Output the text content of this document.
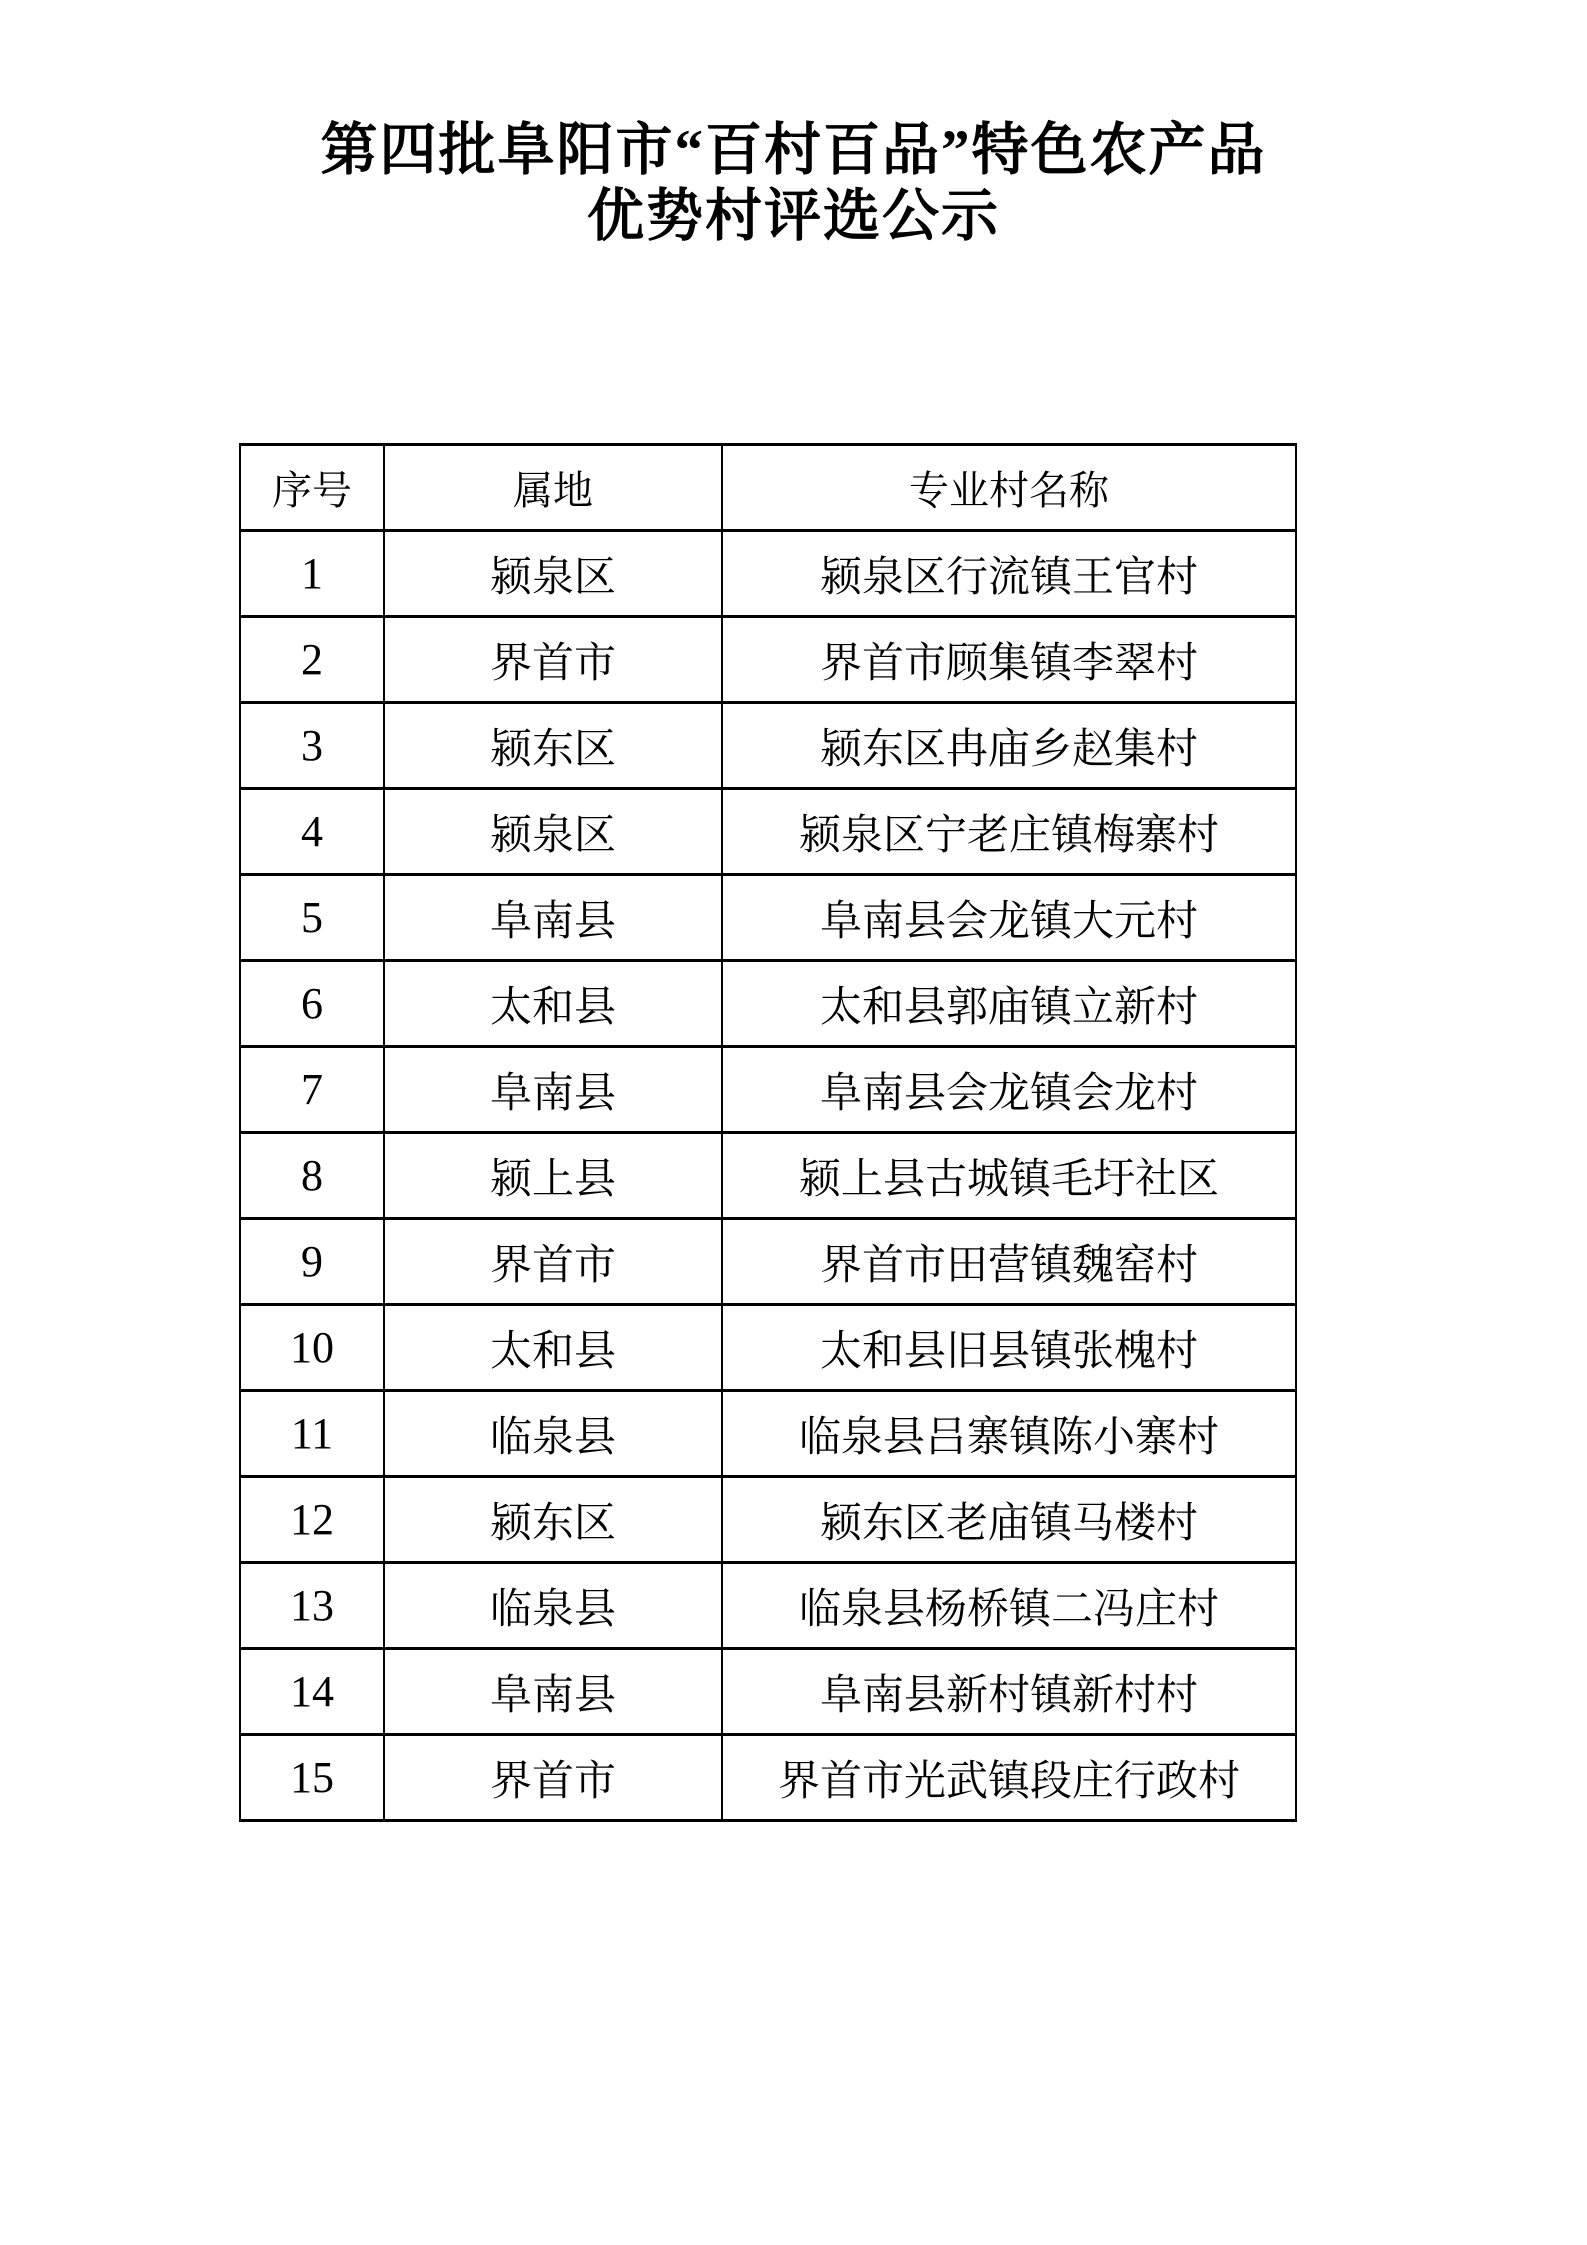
第四批阜阳市“百村百品”特色农产品
优势村评选公示
序号	属地	专业村名称
1	颍泉区	颍泉区行流镇王官村
2	界首市	界首市顾集镇李翠村
3	颍东区	颍东区冉庙乡赵集村
4	颍泉区	颍泉区宁老庄镇梅寨村
5	阜南县	阜南县会龙镇大元村
6	太和县	太和县郭庙镇立新村
7	阜南县	阜南县会龙镇会龙村
8	颍上县	颍上县古城镇毛圩社区
9	界首市	界首市田营镇魏窑村
10	太和县	太和县旧县镇张槐村
11	临泉县	临泉县吕寨镇陈小寨村
12	颍东区	颍东区老庙镇马楼村
13	临泉县	临泉县杨桥镇二冯庄村
14	阜南县	阜南县新村镇新村村
15	界首市	界首市光武镇段庄行政村
